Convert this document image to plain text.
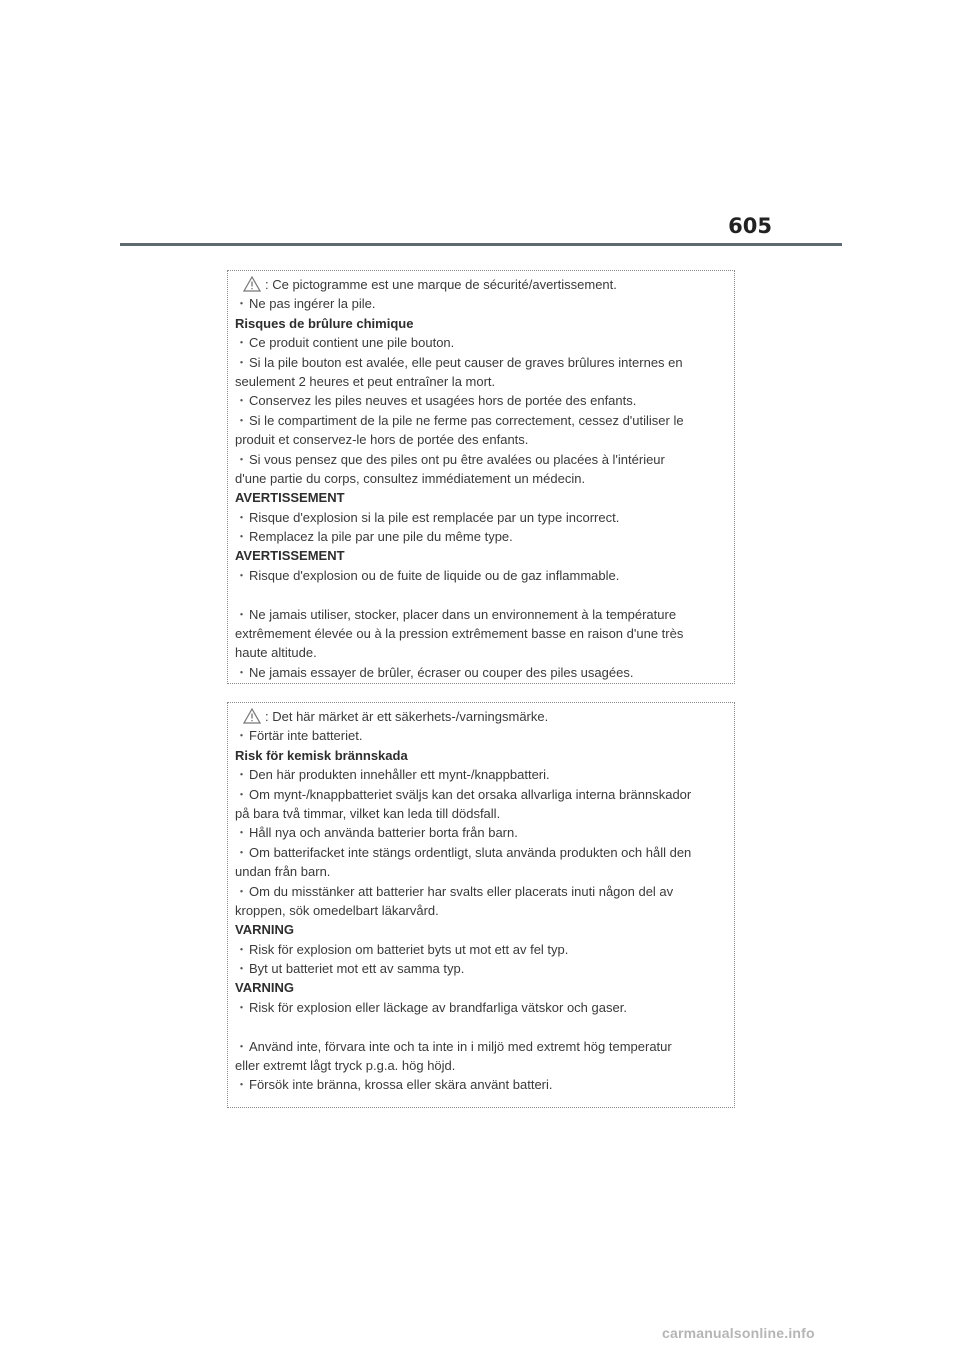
605
: Ce pictogramme est une marque de sécurité/avertissement.
・Ne pas ingérer la pile.
Risques de brûlure chimique
・Ce produit contient une pile bouton.
・Si la pile bouton est avalée, elle peut causer de graves brûlures internes en
seulement 2 heures et peut entraîner la mort.
・Conservez les piles neuves et usagées hors de portée des enfants.
・Si le compartiment de la pile ne ferme pas correctement, cessez d'utiliser le
produit et conservez-le hors de portée des enfants.
・Si vous pensez que des piles ont pu être avalées ou placées à l'intérieur
d'une partie du corps, consultez immédiatement un médecin.
AVERTISSEMENT
・Risque d'explosion si la pile est remplacée par un type incorrect.
・Remplacez la pile par une pile du même type.
AVERTISSEMENT
・Risque d'explosion ou de fuite de liquide ou de gaz inflammable.
・Ne jamais utiliser, stocker, placer dans un environnement à la température
extrêmement élevée ou à la pression extrêmement basse en raison d'une très
haute altitude.
・Ne jamais essayer de brûler, écraser ou couper des piles usagées.
: Det här märket är ett säkerhets-/varningsmärke.
・Förtär inte batteriet.
Risk för kemisk brännskada
・Den här produkten innehåller ett mynt-/knappbatteri.
・Om mynt-/knappbatteriet sväljs kan det orsaka allvarliga interna brännskador
på bara två timmar, vilket kan leda till dödsfall.
・Håll nya och använda batterier borta från barn.
・Om batterifacket inte stängs ordentligt, sluta använda produkten och håll den
undan från barn.
・Om du misstänker att batterier har svalts eller placerats inuti någon del av
kroppen, sök omedelbart läkarvård.
VARNING
・Risk för explosion om batteriet byts ut mot ett av fel typ.
・Byt ut batteriet mot ett av samma typ.
VARNING
・Risk för explosion eller läckage av brandfarliga vätskor och gaser.
・Använd inte, förvara inte och ta inte in i miljö med extremt hög temperatur
eller extremt lågt tryck p.g.a. hög höjd.
・Försök inte bränna, krossa eller skära använt batteri.
carmanualsonline.info
